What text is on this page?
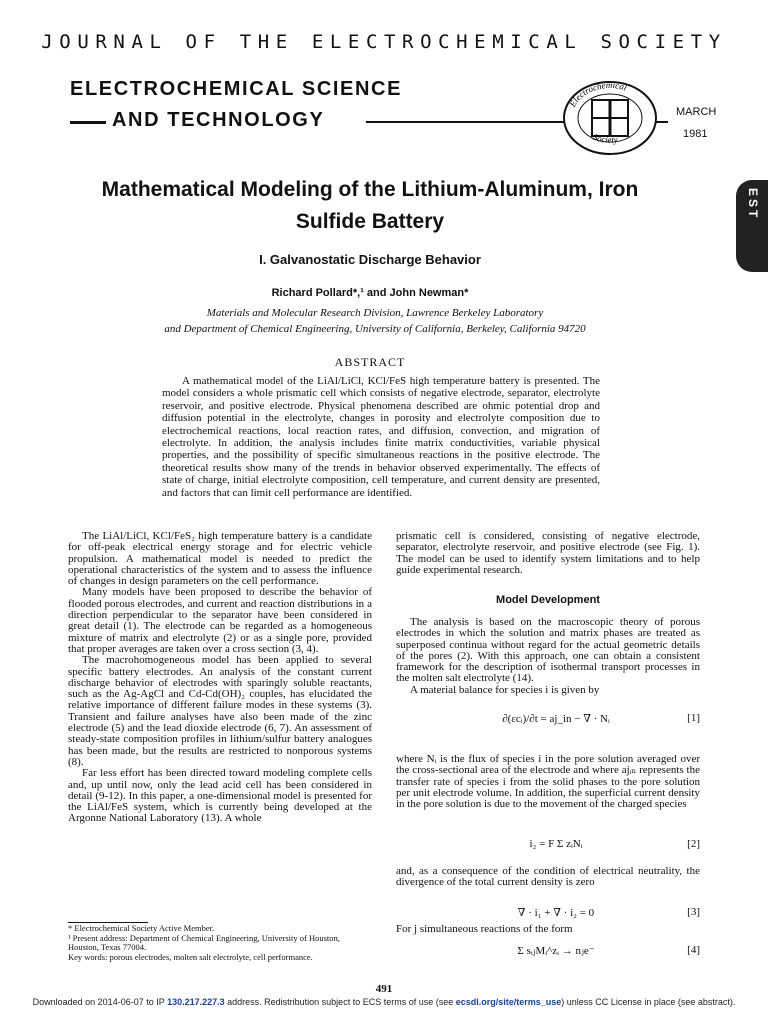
JOURNAL OF THE ELECTROCHEMICAL SOCIETY
ELECTROCHEMICAL SCIENCE
AND TECHNOLOGY
Electrochemical
Society
MARCH
1981
EST
Mathematical Modeling of the Lithium-Aluminum, Iron Sulfide Battery
I. Galvanostatic Discharge Behavior
Richard Pollard*,¹ and John Newman*
Materials and Molecular Research Division, Lawrence Berkeley Laboratory
and Department of Chemical Engineering, University of California, Berkeley, California 94720
ABSTRACT
A mathematical model of the LiAl/LiCl, KCl/FeS high temperature battery is presented. The model considers a whole prismatic cell which consists of negative electrode, separator, electrolyte reservoir, and positive electrode. Physical phenomena described are ohmic potential drop and diffusion potential in the electrolyte, changes in porosity and electrolyte composition due to electrochemical reactions, local reaction rates, and diffusion, convection, and migration of electrolyte. In addition, the analysis includes finite matrix conductivities, variable physical properties, and the possibility of specific simultaneous reactions in the positive electrode. The theoretical results show many of the trends in behavior observed experimentally. The effects of state of charge, initial electrolyte composition, cell temperature, and current density are presented, and factors that can limit cell performance are identified.

The LiAl/LiCl, KCl/FeS₂ high temperature battery is a candidate for off-peak electrical energy storage and for electric vehicle propulsion. A mathematical model is needed to predict the operational characteristics of the system and to assess the influence of changes in design parameters on the cell performance.

Many models have been proposed to describe the behavior of flooded porous electrodes, and current and reaction distributions in a direction perpendicular to the separator have been considered in great detail (1). The electrode can be regarded as a homogeneous mixture of matrix and electrolyte (2) or as a single pore, provided that proper averages are taken over a cross section (3, 4).

The macrohomogeneous model has been applied to several specific battery electrodes. An analysis of the constant current discharge behavior of electrodes with sparingly soluble reactants, such as the Ag-AgCl and Cd-Cd(OH)₂ couples, has elucidated the relative importance of different failure modes in these systems (3). Transient and failure analyses have also been made of the zinc electrode (5) and the lead dioxide electrode (6, 7). An assessment of steady-state composition profiles in lithium/sulfur battery analogues has been made, but the results are restricted to nonporous systems (8).

Far less effort has been directed toward modeling complete cells and, up until now, only the lead acid cell has been considered in detail (9-12). In this paper, a one-dimensional model is presented for the LiAl/FeS system, which is currently being developed at the Argonne National Laboratory (13). A whole

* Electrochemical Society Active Member.

¹ Present address: Department of Chemical Engineering, University of Houston, Houston, Texas 77004.

Key words: porous electrodes, molten salt electrolyte, cell performance.

prismatic cell is considered, consisting of negative electrode, separator, electrolyte reservoir, and positive electrode (see Fig. 1). The model can be used to identify system limitations and to help guide experimental research.
Model Development

The analysis is based on the macroscopic theory of porous electrodes in which the solution and matrix phases are treated as superposed continua without regard for the actual geometric details of the pores (2). With this approach, one can obtain a consistent framework for the description of isothermal transport processes in the molten salt electrolyte (14).

A material balance for species i is given by

∂(εcᵢ)/∂t = aj_in − ∇ · Nᵢ	[1]
where Nᵢ is the flux of species i in the pore solution averaged over the cross-sectional area of the electrode and where ajᵢₙ represents the transfer rate of species i from the solid phases to the pore solution per unit electrode volume. In addition, the superficial current density in the pore solution is due to the movement of the charged species
i₂ = F Σ zᵢNᵢ	[2]
and, as a consequence of the condition of electrical neutrality, the divergence of the total current density is zero
∇ · i₁ + ∇ · i₂ = 0	[3]
For j simultaneous reactions of the form
Σ sᵢⱼMᵢ^zᵢ → nⱼe⁻	[4]
491
Downloaded on 2014-06-07 to IP 130.217.227.3 address. Redistribution subject to ECS terms of use (see ecsdl.org/site/terms_use) unless CC License in place (see abstract).
